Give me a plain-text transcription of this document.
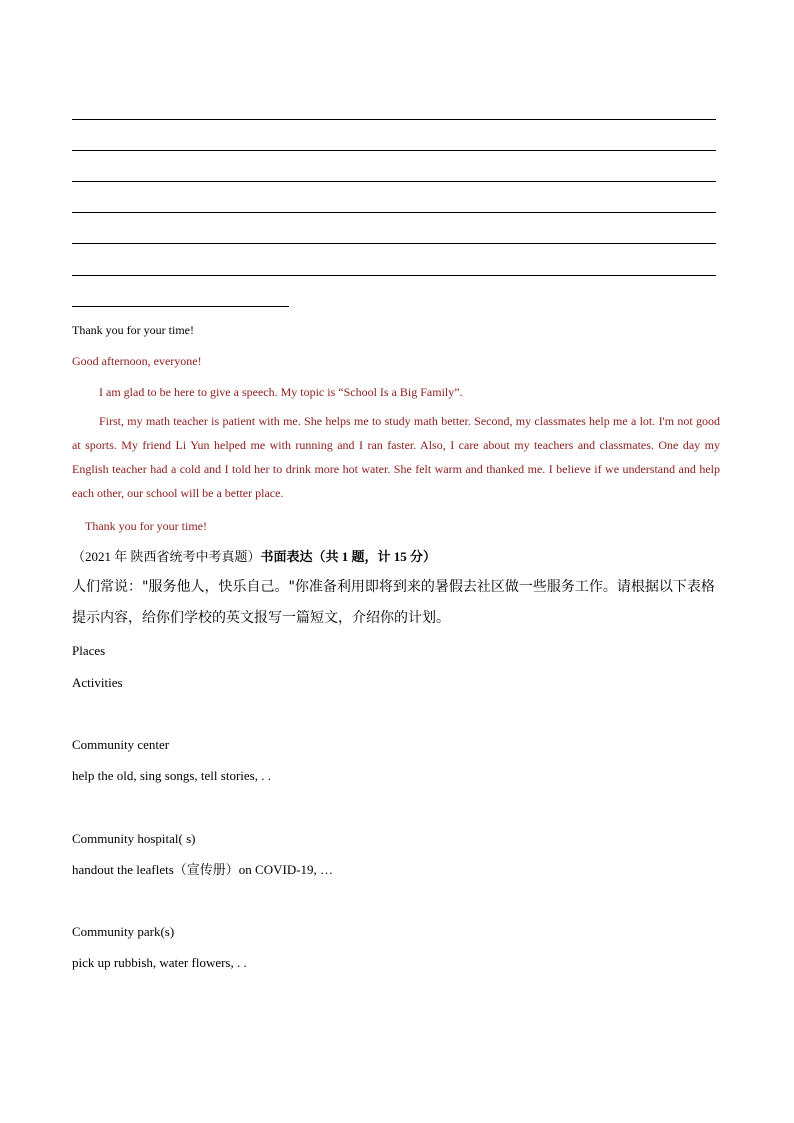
Thank you for your time!
Good afternoon, everyone!
I am glad to be here to give a speech. My topic is “School Is a Big Family”.
First, my math teacher is patient with me. She helps me to study math better. Second, my classmates help me a lot. I'm not good at sports. My friend Li Yun helped me with running and I ran faster. Also, I care about my teachers and classmates. One day my English teacher had a cold and I told her to drink more hot water. She felt warm and thanked me. I believe if we understand and help each other, our school will be a better place.
Thank you for your time!
（2021 年 陕西省统考中考真题）书面表达（共 1 题，计 15 分）
人们常说："服务他人，快乐自己。"你准备利用即将到来的暑假去社区做一些服务工作。请根据以下表格提示内容，给你们学校的英文报写一篇短文，介绍你的计划。
Places
Activities
Community center
help the old, sing songs, tell stories, . .
Community hospital( s)
handout the leaflets（宣传册）on COVID-19, …
Community park(s)
pick up rubbish, water flowers, . .
